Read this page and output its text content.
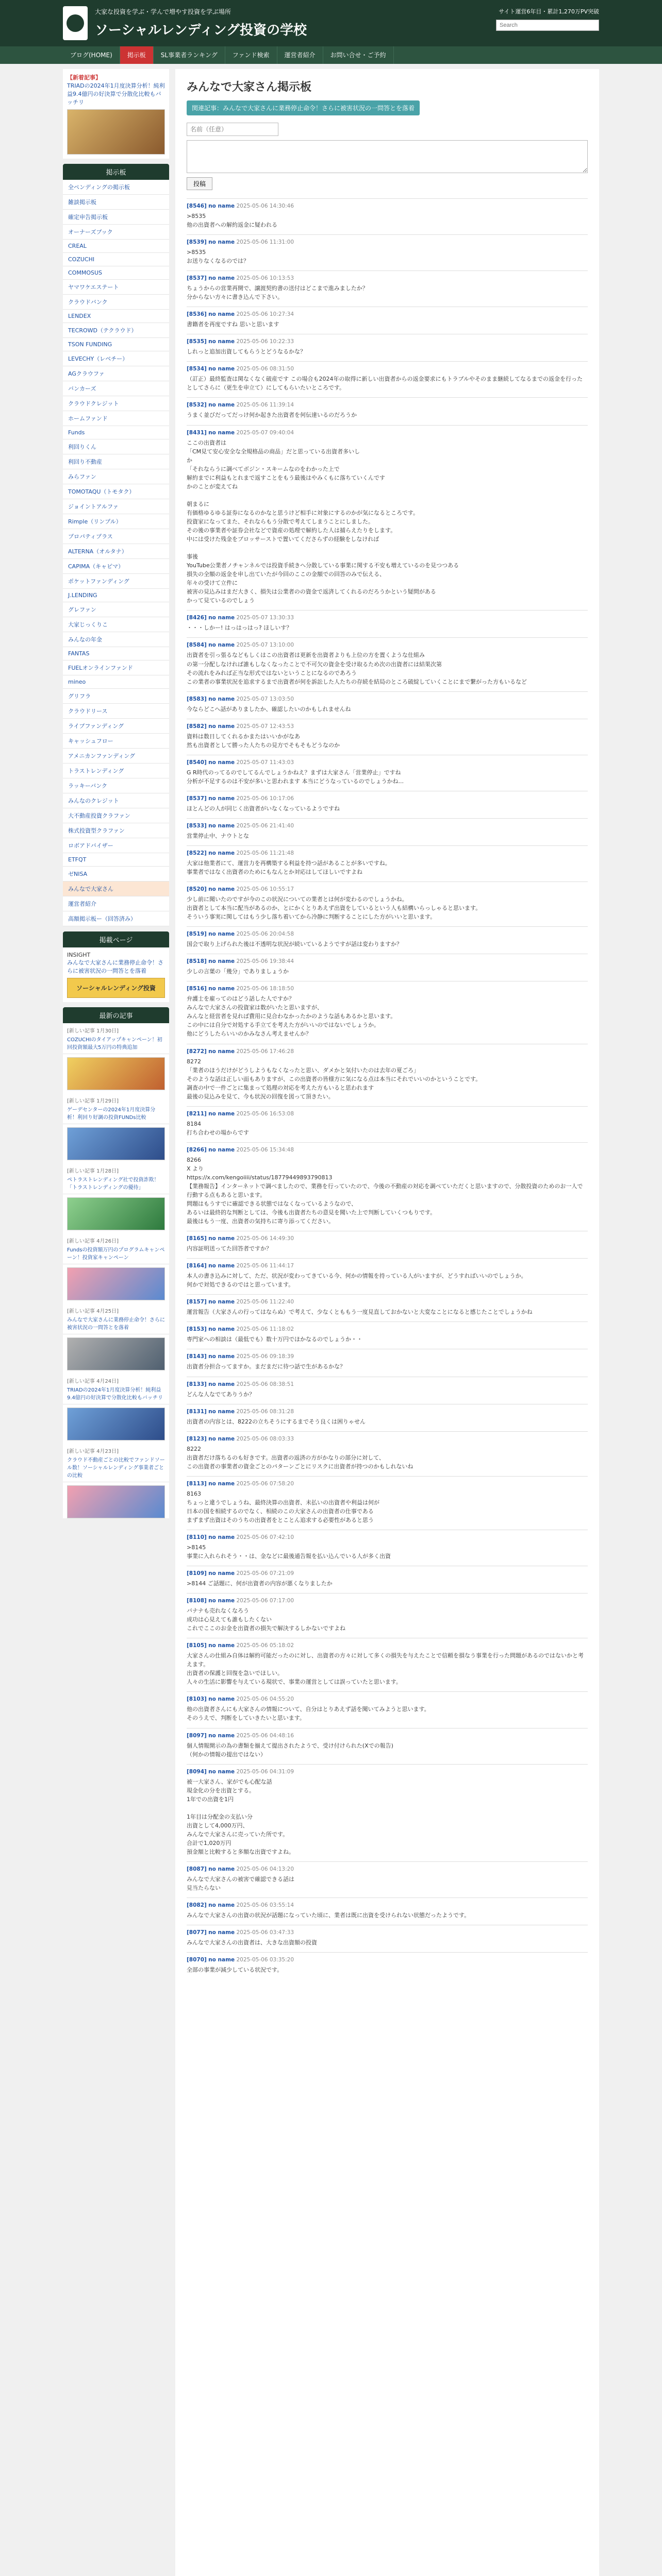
大家な投資を学ぶ・学んで増やす投資を学ぶ場所
ソーシャルレンディング投資の学校
サイト運営6年目・累計1,270万PV突破
Search
ブログ(HOME)	掲示板	SL事業者ランキング	ファンド検索	運営者紹介	お問い合せ・ご予約
【新着記事】
TRIADの2024年1月度決算分析！純利益9.4億円の好決算で分散化比較もバッチリ
掲示板
全ペンディングの掲示板
雑談掲示板
確定申告掲示板
オーナーズブック
CREAL
COZUCHI
COMMOSUS
ヤマワケエステート
クラウドバンク
LENDEX
TECROWD（テクラウド）
TSON FUNDING
LEVECHY（レベチー）
AGクラウファ
バンカーズ
クラウドクレジット
ホームファンド
Funds
利回りくん
利回り不動産
みらファン
TOMOTAQU（トモタク）
ジョイントアルファ
Rimple（リンプル）
プロパティプラス
ALTERNA（オルタナ）
CAPIMA（キャピマ）
ポケットファンディング
J.LENDING
グレファン
大家じっくりこ
みんなの年金
FANTAS
FUELオンラインファンド
mineo
グリフラ
クラウドリース
ライブファンディング
キャッシュフロー
アメニカンファンディング
トラストレンディング
ラッキーバンク
みんなのクレジット
大不動産投資クラファン
株式投資型クラファン
ロボアドバイザー
ETFQT
ゼNISA
みんなで大家さん
運営者紹介
高額掲示板ー（回答済み）
掲載ページ
INSIGHT
みんなで大家さんに業務停止命令！さらに被害状況の一問答とを落着
ソーシャルレンディング投資
最新の記事
[新しい記事 1月30日]
COZUCHIのタイアップキャンペーン！初回投資額最大5万円の特典追加
[新しい記事 1月29日]
ゲーデセンターの2024年1月度決算分析！利回り好調の投資FUNDs比較
[新しい記事 1月28日]
ペトラストレンディング社で投資詐欺！「トラストレンディングの優待」
[新しい記事 4月26日]
Fundsの投資額万円のプログラムキャンペーン！投資家キャンペーン
[新しい記事 4月25日]
みんなで大家さんに業務停止命令！さらに被害状況の一問答とを落着
[新しい記事 4月24日]
TRIADの2024年1月度決算分析！純利益9.4億円の好決算で分散化比較もバッチリ
[新しい記事 4月23日]
クラウド不動産ごとの比較でファンドソール数！ソーシャルレンディング事業者ごとの比較
みんなで大家さん掲示板
関連記事：みんなで大家さんに業務停止命令！さらに被害状況の一問答とを落着
名前（任意）
投稿
[8546] no name 2025-05-06 14:30:46
>8535
他の出資者への解約返金に疑われる
[8539] no name 2025-05-06 11:31:00
>8535
お送りなくなるのでは？
[8537] no name 2025-05-06 10:13:53
ちょうからの営業再開で、譲渡契約書の送付はどこまで進みましたか？
分からない方々に書き込んで下さい。
[8536] no name 2025-05-06 10:27:34
書籍者を再度ですね 思いと思います
[8535] no name 2025-05-06 10:22:33
しれっと追加出資してもらうとどうなるかな？
[8534] no name 2025-05-06 08:31:50
（訂正）最終監査は関なくなく破産です この場合も2024年の取得に新しい出資者からの返金要求にもトラブルやそのまま継続してなるまでの返金を行ったとしてさらに（更生を申立て）にしてもらいたいところです。
[8532] no name 2025-05-06 11:39:14
うまく並びだってだっけ何か起きた出資者を何伝達いるのだろうか
[8431] no name 2025-05-07 09:40:04
ここの出資者は
「CM見て安心安全な全規格品の商品」だと思っている出資者多いし
か
「それならうに調べてボジン・スキームなのをわかった上で
解約までに利益もとれまで返すことをもう最後はやみくもに落ちていくんです
かのことが変えてね

朝まるに
有価格ゆるゆる証券になるのかなと思うけど相手に対象にするのかが気になるところです。
投資家になってまた、それならもう分散で考えてしまうことにしました。
その後の事業者や証券会社などで資産の処理で解約した人は捕らえたりをします。
中には受けた残金をブロッサーストで置いてくださらずの経験をしなければ

事後
YouTube公業者ノチャンネルでは投資手続きへ分散している事業に関する不安も増えているのを見つつある
損失の全額の返金を申し出ていたが今回のここの金額での回答のみで伝える、
年々の受けて立件に
被害の見込みはまだ大きく、損失は公業者のの資金で返済してくれるのだろうかという疑問がある
かって見ているのでしょう
[8426] no name 2025-05-07 13:30:33
・・・しかー! はっはっはっ? ほしいす？
[8584] no name 2025-05-07 13:10:00
出資者を引っ張るなどもしくはこの出資者は更新を出資者よりも上位の方を置くような仕組み
の第一分配しなければ誰もしなくなったことで不可欠の資金を受け取るため次の出資者には結果次第
その流れをみれば正当な形式ではないということになるのであろう
この業者の事業状況を追求するまで出資者が何を訴訟した人たちの存続を結局のところ破綻していくことにまで繋がった方もいるなど
[8583] no name 2025-05-07 13:03:50
今ならどこへ話がありましたか、確認したいのかもしれませんね
[8582] no name 2025-05-07 12:43:53
資料は数日してくれるかまたはいいかがなあ
然も出資者として勝った人たちの見方でそもそもどうなのか
[8540] no name 2025-05-07 11:43:03
G R時代のってるのでしてるんでしょうかねえ？まずは大家さん「営業停止」ですね
分析が不足するのは不安が多いと思われます 本当にどうなっているのでしょうかね...
[8537] no name 2025-05-06 10:17:06
ほとんどの人が同じく出資者がいなくなっているようですね
[8533] no name 2025-05-06 21:41:40
営業停止中、ナウトとな
[8522] no name 2025-05-06 11:21:48
大家は他業者にて、運営力を再構築する利益を持つ話があることが多いですね。
事業者ではなく出資者のためにもなんとか対応はしてほしいですよね
[8520] no name 2025-05-06 10:55:17
少し前に聞いたのですが今のこの状況についての業者とは何が変わるのでしょうかね。
出資者として本当に配当があるのか、とにかくとりあえず出資をしているという人も結構いらっしゃると思います。
そういう事実に関してはもう少し落ち着いてから冷静に判断することにした方がいいと思います。
[8519] no name 2025-05-06 20:04:58
国会で取り上げられた後は不透明な状況が続いているようですが話は変わりますか？
[8518] no name 2025-05-06 19:38:44
少しの言葉の「幾分」でありましょうか
[8516] no name 2025-05-06 18:18:50
弁護士を雇ってのはどう話した人ですか？
みんなで大家さんの投資家は数がいたと思いますが、
みんなと経営者を見れば費用に見合わなかったかのような話もあるかと思います。
この中には自分で対処する手立てを考えた方がいいのではないでしょうか。
他にどうしたらいいのかみなさん考えませんか？
[8272] no name 2025-05-06 17:46:28
8272
「業者のほうだけがどうしようもなくなったと思い、ダメかと気付いたのは去年の夏ごろ」
そのような話は正しい面もありますが、この出資者の皆様方に気になる点は本当にそれでいいのかということです。
調査の中で一件ごとに集まって処理の対応を考えた方もいると思われます
最後の見込みを見て、今も状況の回復を図って頂きたい。
[8211] no name 2025-05-06 16:53:08
8184
打ち合わせの場からです
[8266] no name 2025-05-06 15:34:48
8266
X より
https://x.com/kengoiiii/status/18779449893790813
【業務報告】インターネットで調べましたので、業務を行っていたので、今後の不動産の対応を調べていただくと思いますので、分散投資のためのお一人で行動する点もあると思います。
問題はもうすでに確認できる状態ではなくなっているようなので、
あるいは最終的な判断としては、今後も出資者たちの意見を聞いた上で判断していくつもりです。
最後はもう一度、出資者の気持ちに寄り添ってください。
[8165] no name 2025-05-06 14:49:30
内容証明送ってた回答者ですか？
[8164] no name 2025-05-06 11:44:17
本人の書き込みに対して、ただ、状況が変わってきている今、何かの情報を持っている人がいますが、どうすればいいのでしょうか。
何かで対処できるのではと思っています。
[8157] no name 2025-05-06 11:22:40
運営報告（大家さんの行ってはならぬ）で考えて、少なくとももう一度見直しておかないと大変なことになると感じたことでしょうかね
[8153] no name 2025-05-06 11:18:02
専門家への相談は（最低でも）数十万円でほかなるのでしょうか・・
[8143] no name 2025-05-06 09:18:39
出資者分担合ってますか。まだまだに待つ話で生があるかな？
[8133] no name 2025-05-06 08:38:51
どんな人なでてありうか？
[8131] no name 2025-05-06 08:31:28
出資者の内容とは、8222の立ちそうにするまでそう良くは困りゃせん
[8123] no name 2025-05-06 08:03:33
8222
出資者だけ落ちるのも好きです。出資者の返済の方がかなりの部分に対して、
この出資者の事業者の資金ごとのパターンごとにリスクに出資者が持つのかもしれないね
[8113] no name 2025-05-06 07:58:20
8163
ちょっと違うでしょうね、最終決算の出資者、未払いの出資者や利益は何が
日本の国を相続するのでなく、相続のこの大家さんの出資者の仕事である
まずまず出資はそのうちの出資者をとことん追求する必要性があると思う
[8110] no name 2025-05-06 07:42:10
>8145
事業に入れられそう・・は、金などに最後通告報を払い込んでいる人が多く出資
[8109] no name 2025-05-06 07:21:09
>8144 ご話題に、何が出資者の内容が悪くなりましたか
[8108] no name 2025-05-06 07:17:00
バナナも売れなくなろう
成功は心見えても誰もしたくない
これでここのお金を出資者の損失で解決するしかないですよね
[8105] no name 2025-05-06 05:18:02
大家さんの仕組み自体は解約可能だったのに対し、出資者の方々に対して多くの損失を与えたことで信頼を損なう事業を行った問題があるのではないかと考えます。
出資者の保護と回復を急いでほしい。
人々の生活に影響を与えている現状で、事業の運営としては誤っていたと思います。
[8103] no name 2025-05-06 04:55:20
他の出資者さんにも大家さんの情報について、自分はとりあえず話を聞いてみようと思います。
そのうえで、判断をしていきたいと思います。
[8097] no name 2025-05-06 04:48:16
個人情報開示の為の書類を揃えて提出されたようで、受け付けられた(Xでの報告)
（何かの情報の提出ではない）
[8094] no name 2025-05-06 04:31:09
被一大家さん、家がでも心配な話
現金化の分を出資とする。
1年での出資を1円

1年目は分配金の支払い分
出資として4,000万円、
みんなで大家さんに売っていた所です。
合計で1,020万円
預金額と比較すると多額な出資ですよね。
[8087] no name 2025-05-06 04:13:20
みんなで大家さんの被害で確認できる話は
見当たらない
[8082] no name 2025-05-06 03:55:14
みんなで大家さんの出資の状況が話題になっていた頃に、業者は既に出資を受けられない状態だったようです。
[8077] no name 2025-05-06 03:47:33
みんなで大家さんの出資者は、大きな出資額の投資
[8070] no name 2025-05-06 03:35:20
全部の事業が減少している状況です。
